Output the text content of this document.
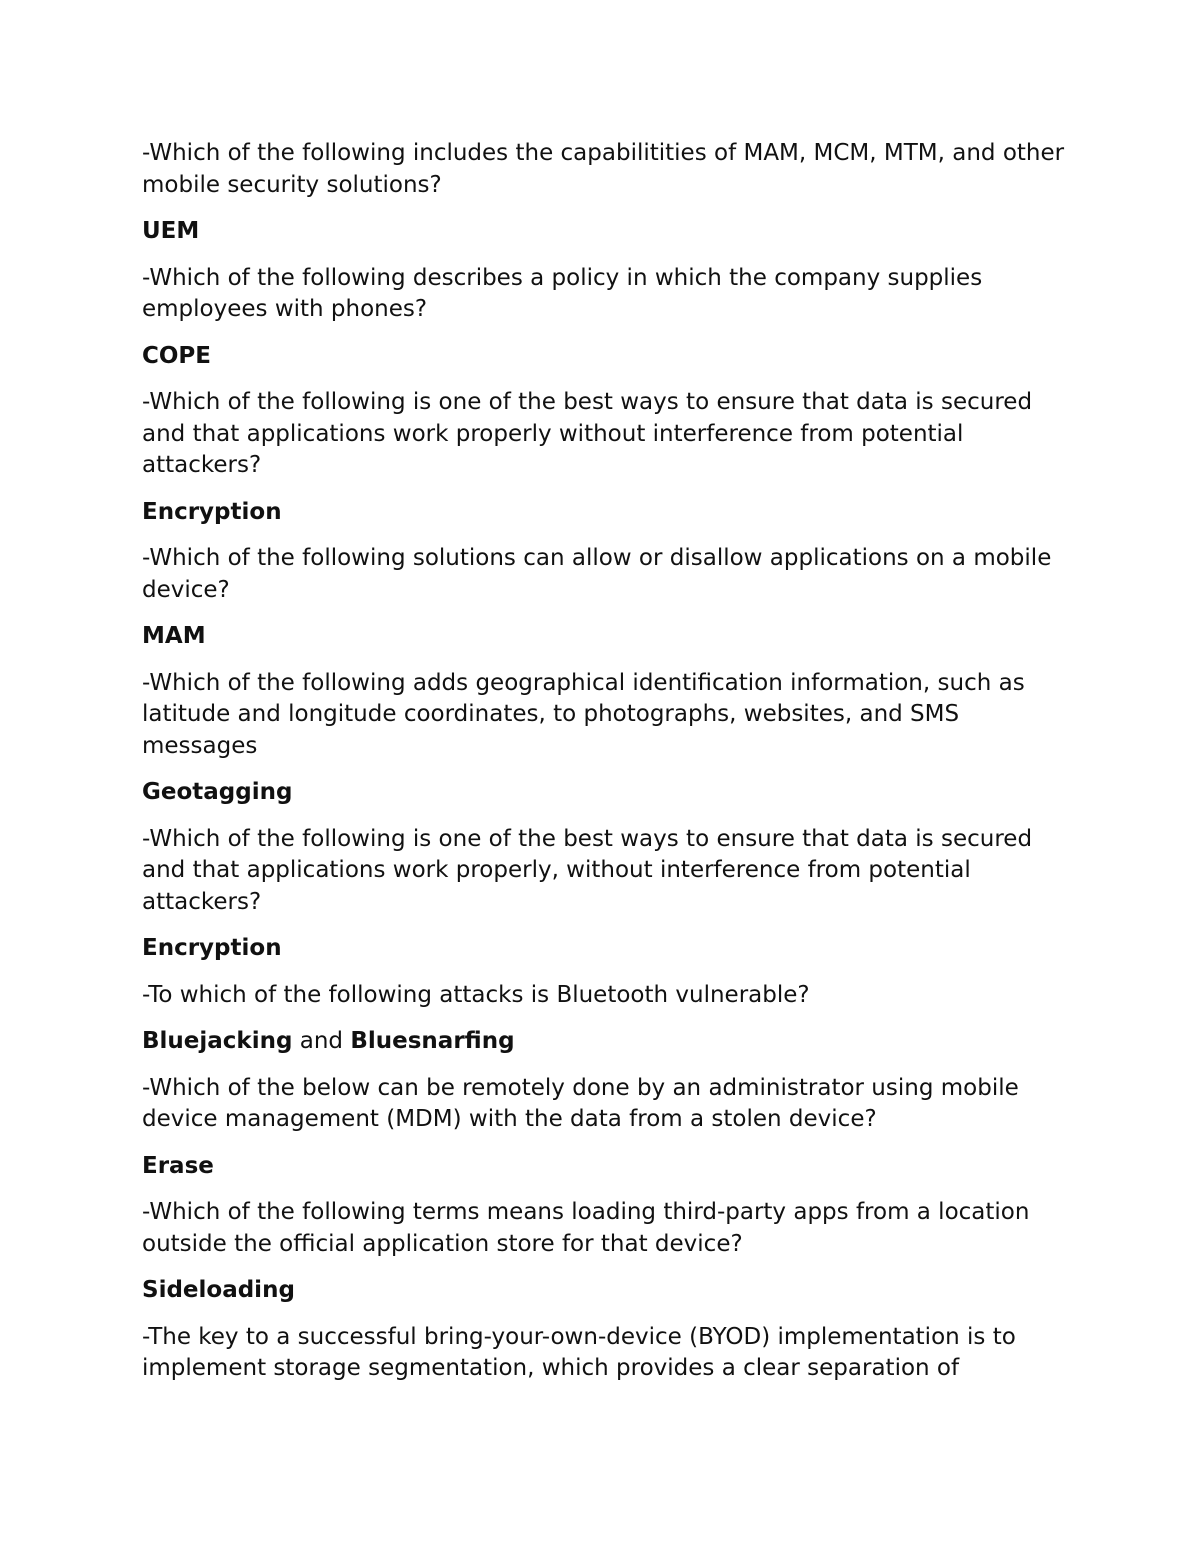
-Which of the following includes the capabilitities of MAM, MCM, MTM, and other mobile security solutions?

UEM

-Which of the following describes a policy in which the company supplies employees with phones?

COPE

-Which of the following is one of the best ways to ensure that data is secured and that applications work properly without interference from potential attackers?

Encryption

-Which of the following solutions can allow or disallow applications on a mobile device?

MAM

-Which of the following adds geographical identification information, such as latitude and longitude coordinates, to photographs, websites, and SMS messages

Geotagging

-Which of the following is one of the best ways to ensure that data is secured and that applications work properly, without interference from potential attackers?

Encryption

-To which of the following attacks is Bluetooth vulnerable?

Bluejacking and Bluesnarfing

-Which of the below can be remotely done by an administrator using mobile device management (MDM) with the data from a stolen device?

Erase

-Which of the following terms means loading third-party apps from a location outside the official application store for that device?

Sideloading

-The key to a successful bring-your-own-device (BYOD) implementation is to implement storage segmentation, which provides a clear separation of
